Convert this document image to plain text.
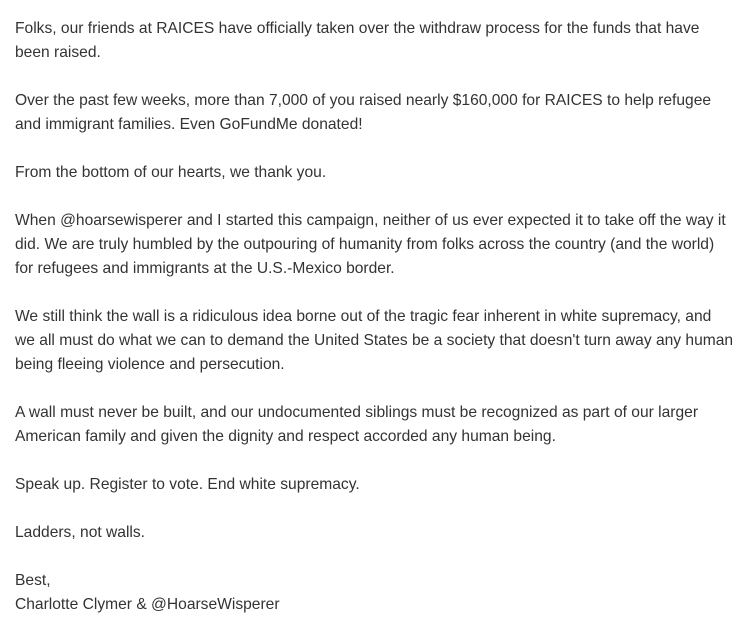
Folks, our friends at RAICES have officially taken over the withdraw process for the funds that have
been raised.

Over the past few weeks, more than 7,000 of you raised nearly $160,000 for RAICES to help refugee
and immigrant families. Even GoFundMe donated!

From the bottom of our hearts, we thank you.

When @hoarsewisperer and I started this campaign, neither of us ever expected it to take off the way it
did. We are truly humbled by the outpouring of humanity from folks across the country (and the world)
for refugees and immigrants at the U.S.-Mexico border.

We still think the wall is a ridiculous idea borne out of the tragic fear inherent in white supremacy, and
we all must do what we can to demand the United States be a society that doesn't turn away any human
being fleeing violence and persecution.

A wall must never be built, and our undocumented siblings must be recognized as part of our larger
American family and given the dignity and respect accorded any human being.

Speak up. Register to vote. End white supremacy.

Ladders, not walls.

Best,
Charlotte Clymer & @HoarseWisperer
